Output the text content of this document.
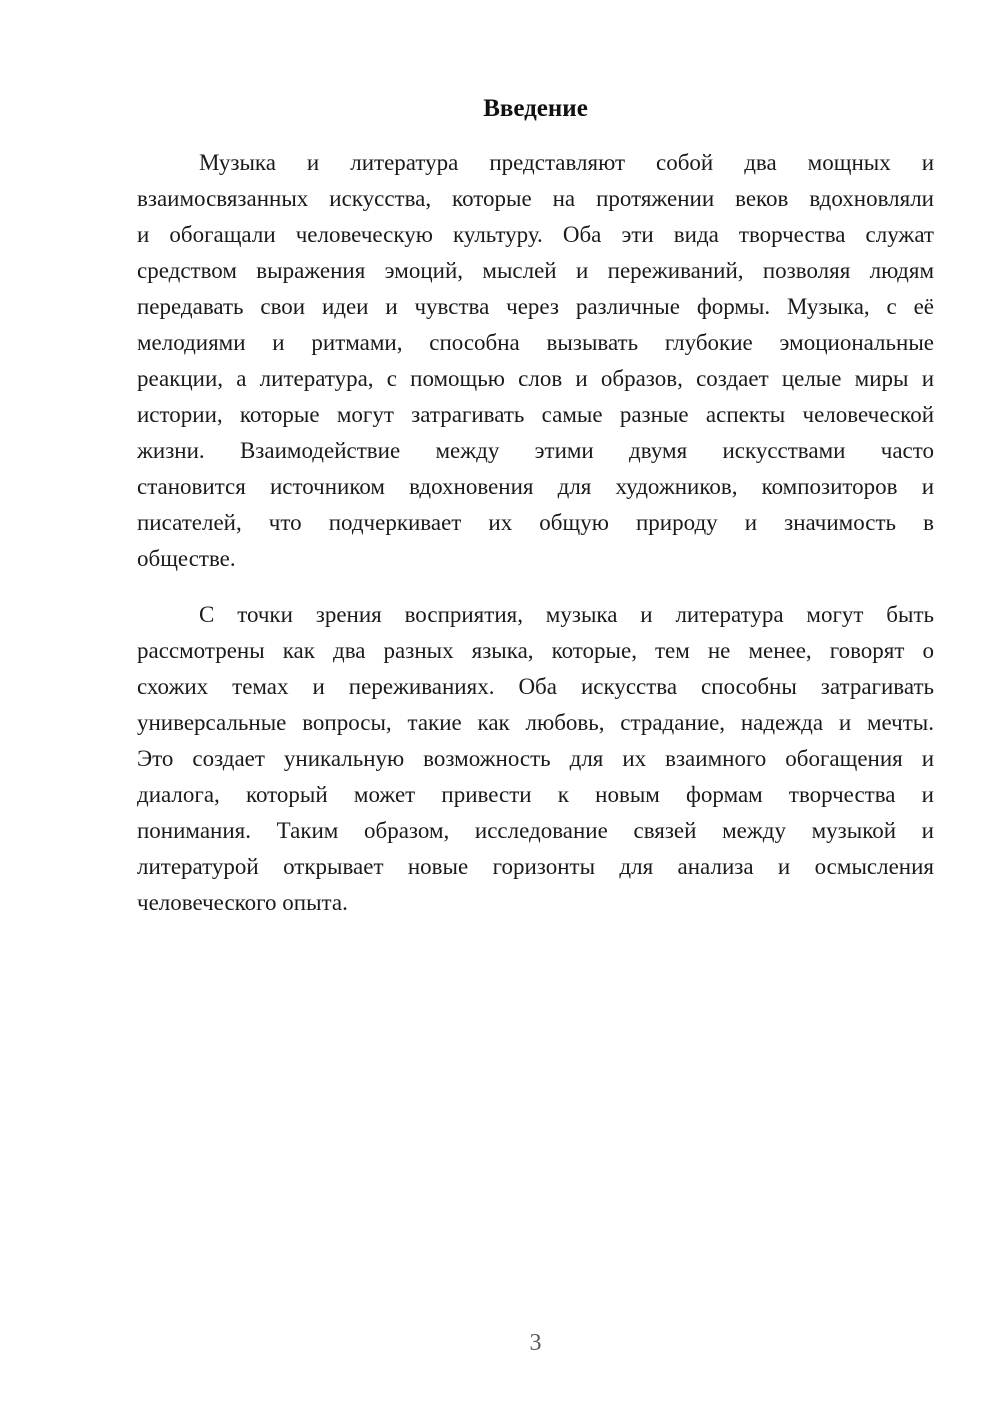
Введение
Музыка и литература представляют собой два мощных и
взаимосвязанных искусства, которые на протяжении веков вдохновляли
и обогащали человеческую культуру. Оба эти вида творчества служат
средством выражения эмоций, мыслей и переживаний, позволяя людям
передавать свои идеи и чувства через различные формы. Музыка, с её
мелодиями и ритмами, способна вызывать глубокие эмоциональные
реакции, а литература, с помощью слов и образов, создает целые миры и
истории, которые могут затрагивать самые разные аспекты человеческой
жизни. Взаимодействие между этими двумя искусствами часто
становится источником вдохновения для художников, композиторов и
писателей, что подчеркивает их общую природу и значимость в
обществе.
С точки зрения восприятия, музыка и литература могут быть
рассмотрены как два разных языка, которые, тем не менее, говорят о
схожих темах и переживаниях. Оба искусства способны затрагивать
универсальные вопросы, такие как любовь, страдание, надежда и мечты.
Это создает уникальную возможность для их взаимного обогащения и
диалога, который может привести к новым формам творчества и
понимания. Таким образом, исследование связей между музыкой и
литературой открывает новые горизонты для анализа и осмысления
человеческого опыта.
3
